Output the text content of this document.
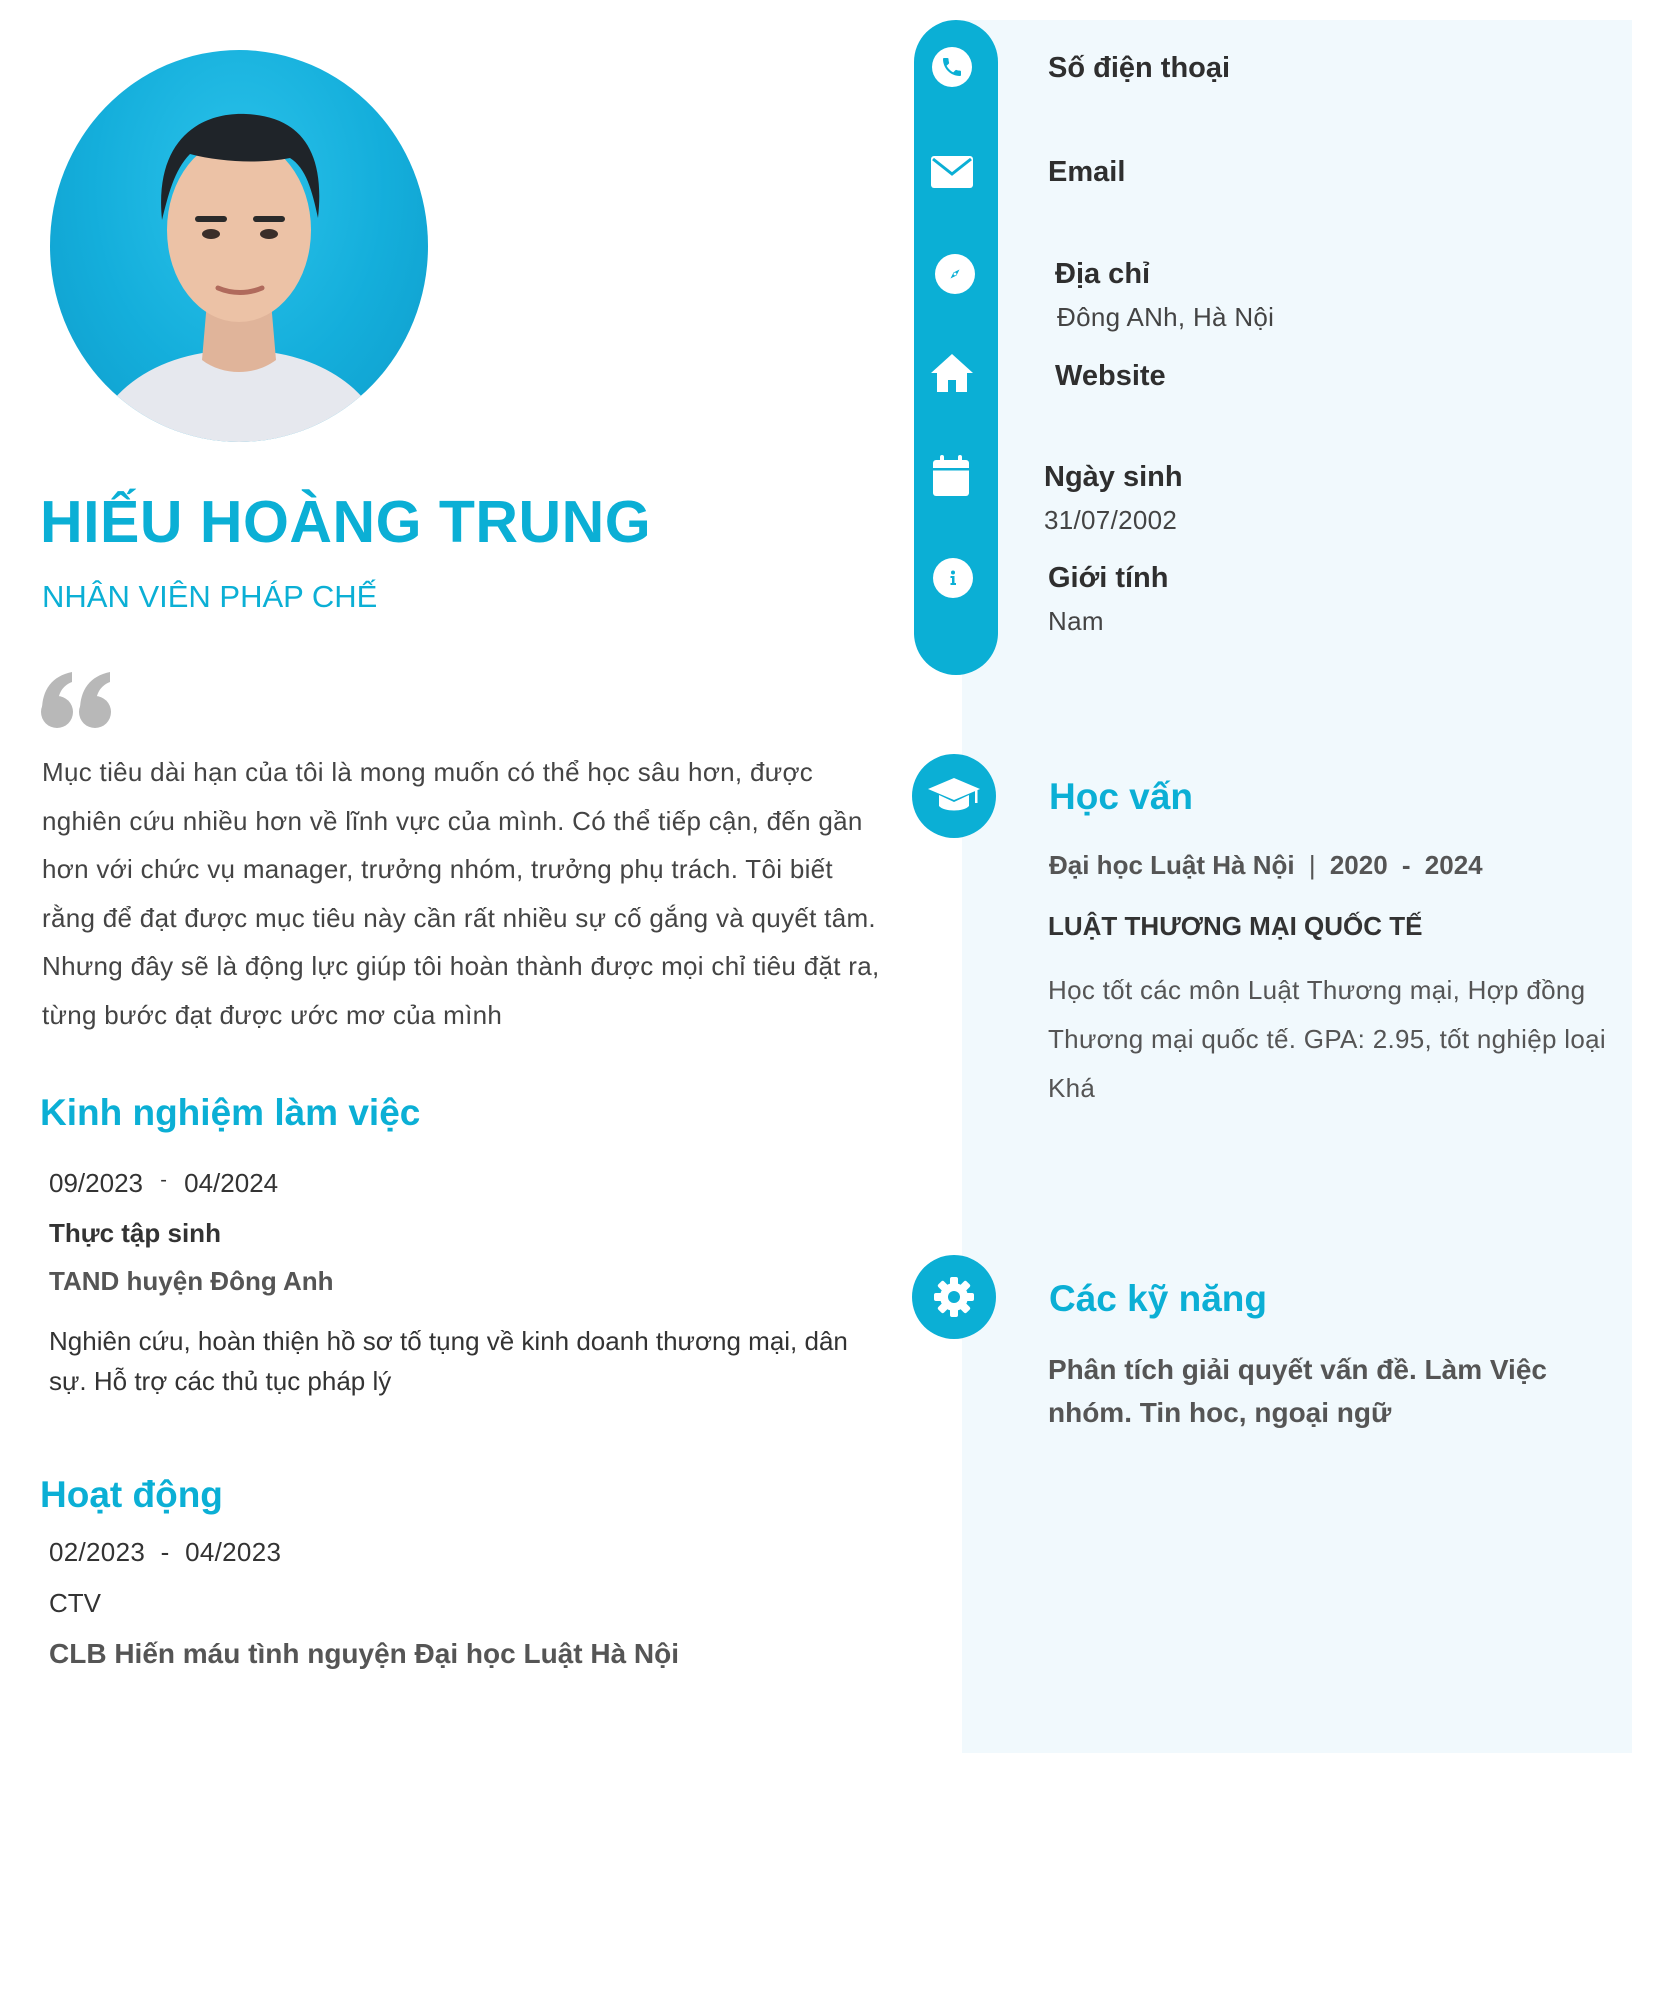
Số điện thoại
Email
Địa chỉ
Đông ANh, Hà Nội
Website
Ngày sinh
31/07/2002
Giới tính
Nam
Học vấn
Đại học Luật Hà Nội | 2020 - 2024
LUẬT THƯƠNG MẠI QUỐC TẾ
Học tốt các môn Luật Thương mại, Hợp đồng Thương mại quốc tế. GPA: 2.95, tốt nghiệp loại Khá
Các kỹ năng
Phân tích giải quyết vấn đề. Làm Việc nhóm. Tin hoc, ngoại ngữ
HIẾU HOÀNG TRUNG
NHÂN VIÊN PHÁP CHẾ
Mục tiêu dài hạn của tôi là mong muốn có thể học sâu hơn, được nghiên cứu nhiều hơn về lĩnh vực của mình. Có thể tiếp cận, đến gần hơn với chức vụ manager, trưởng nhóm, trưởng phụ trách. Tôi biết rằng để đạt được mục tiêu này cần rất nhiều sự cố gắng và quyết tâm. Nhưng đây sẽ là động lực giúp tôi hoàn thành được mọi chỉ tiêu đặt ra, từng bước đạt được ước mơ của mình
Kinh nghiệm làm việc
09/2023 - 04/2024
Thực tập sinh
TAND huyện Đông Anh
Nghiên cứu, hoàn thiện hồ sơ tố tụng về kinh doanh thương mại, dân sự. Hỗ trợ các thủ tục pháp lý
Hoạt động
02/2023 - 04/2023
CTV
CLB Hiến máu tình nguyện Đại học Luật Hà Nội
